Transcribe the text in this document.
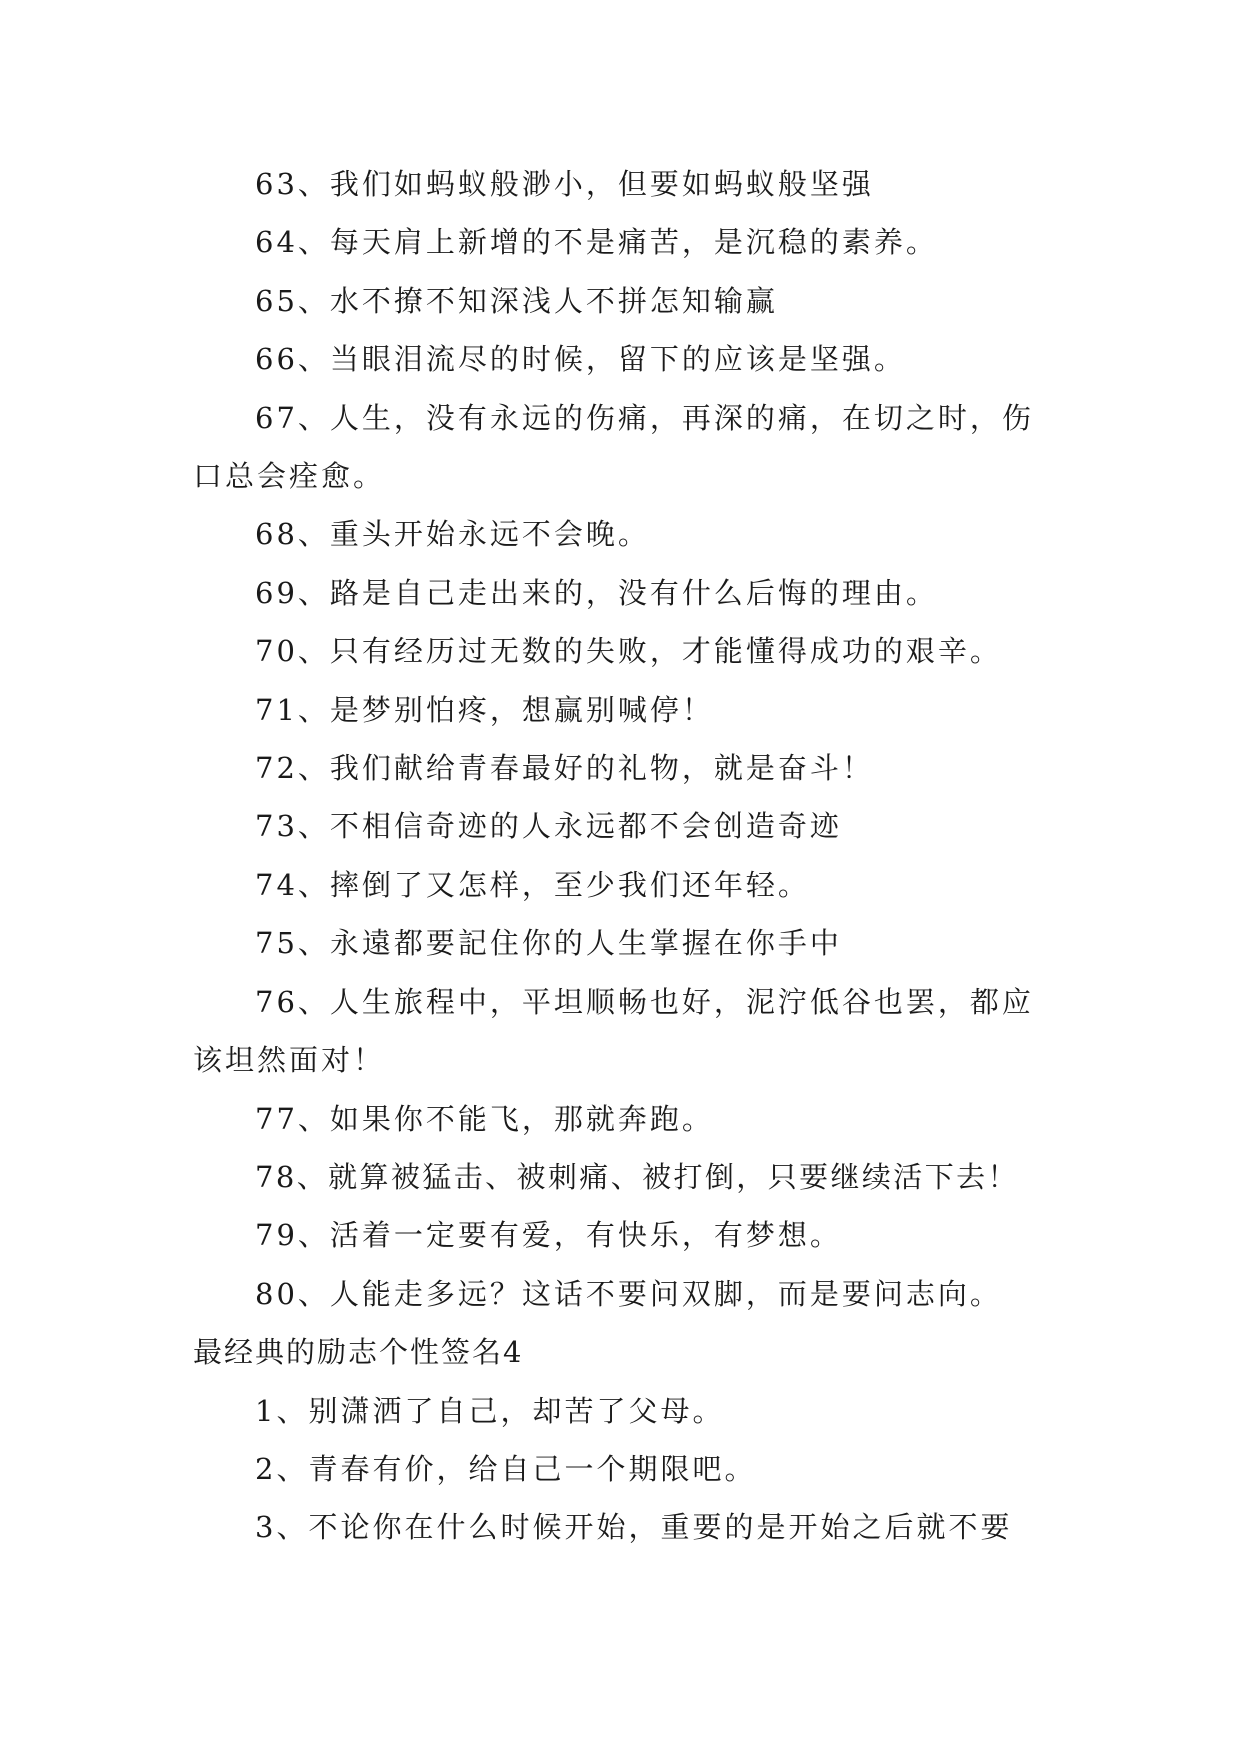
63、我们如蚂蚁般渺小，但要如蚂蚁般坚强

64、每天肩上新增的不是痛苦，是沉稳的素养。

65、水不撩不知深浅人不拼怎知输赢

66、当眼泪流尽的时候，留下的应该是坚强。

67、人生，没有永远的伤痛，再深的痛，在切之时，伤口总会痊愈。

68、重头开始永远不会晚。

69、路是自己走出来的，没有什么后悔的理由。

70、只有经历过无数的失败，才能懂得成功的艰辛。

71、是梦别怕疼，想赢别喊停！

72、我们献给青春最好的礼物，就是奋斗！

73、不相信奇迹的人永远都不会创造奇迹

74、摔倒了又怎样，至少我们还年轻。

75、永遠都要記住你的人生掌握在你手中

76、人生旅程中，平坦顺畅也好，泥泞低谷也罢，都应该坦然面对！

77、如果你不能飞，那就奔跑。

78、就算被猛击、被刺痛、被打倒，只要继续活下去！

79、活着一定要有爱，有快乐，有梦想。

80、人能走多远？这话不要问双脚，而是要问志向。

最经典的励志个性签名4

1、别潇洒了自己，却苦了父母。

2、青春有价，给自己一个期限吧。

3、不论你在什么时候开始，重要的是开始之后就不要
